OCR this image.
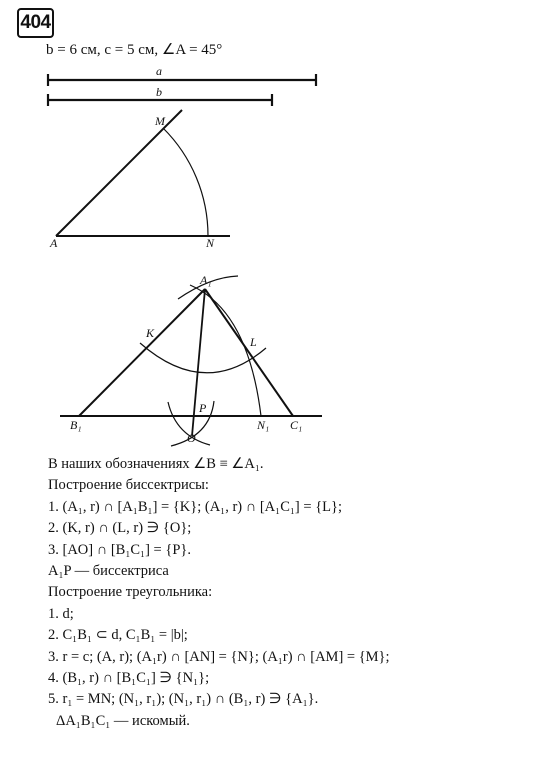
404
b = 6 см, c = 5 см, ∠A = 45°
a
b
M
A	N
A₁
K
L
P
B₁	N₁ C₁
O
В наших обозначениях ∠B ≡ ∠A₁.
Построение биссектрисы:
1. (A₁, r) ∩ [A₁B₁] = {K}; (A₁, r) ∩ [A₁C₁] = {L};
2. (K, r) ∩ (L, r) ∋ {O};
3. [AO] ∩ [B₁C₁] = {P}.
A₁P — биссектриса
Построение треугольника:
1. d;
2. C₁B₁ ⊂ d, C₁B₁ = |b|;
3. r = c; (A, r); (A₁r) ∩ [AN] = {N}; (A₁r) ∩ [AM] = {M};
4. (B₁, r) ∩ [B₁C₁] ∋ {N₁};
5. r₁ = MN; (N₁, r₁); (N₁, r₁) ∩ (B₁, r) ∋ {A₁}.
ΔA₁B₁C₁ — искомый.
